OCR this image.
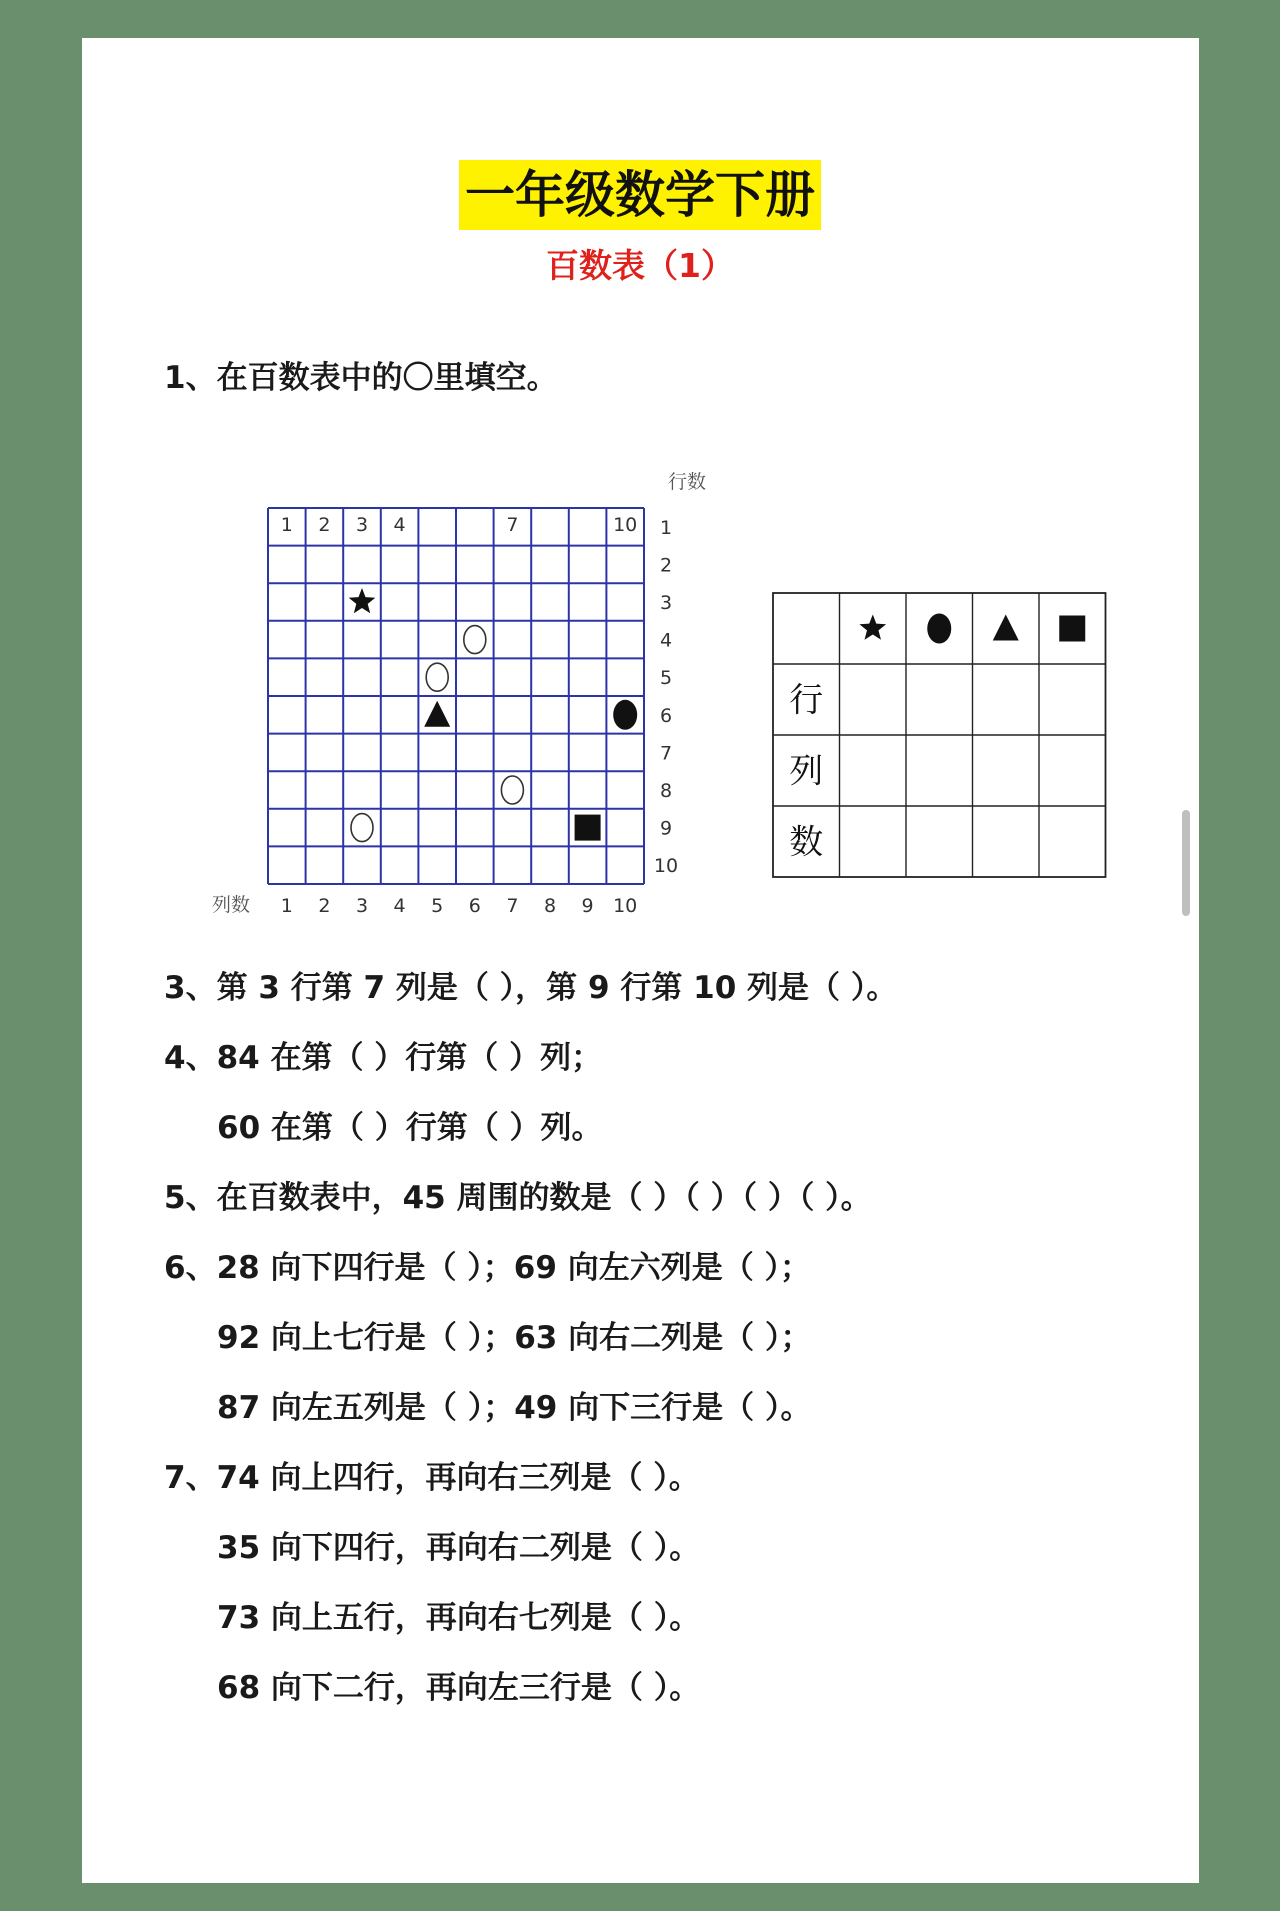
一年级数学下册
百数表（1）
1、在百数表中的〇里填空。
行数
列数
1 2 3 4	7	10 1
2
3
4
5
6
7
8
9
10
1 2 3 4 5 6 7 8 9 10
行
列
数
3、第 3 行第 7 列是（ ），第 9 行第 10 列是（ ）。
4、84 在第（ ）行第（ ）列；
60 在第（ ）行第（ ）列。
5、在百数表中，45 周围的数是（ ）（ ）（ ）（ ）。
6、28 向下四行是（ ）；69 向左六列是（ ）；
92 向上七行是（ ）；63 向右二列是（ ）；
87 向左五列是（ ）；49 向下三行是（ ）。
7、74 向上四行，再向右三列是（ ）。
35 向下四行，再向右二列是（ ）。
73 向上五行，再向右七列是（ ）。
68 向下二行，再向左三行是（ ）。
